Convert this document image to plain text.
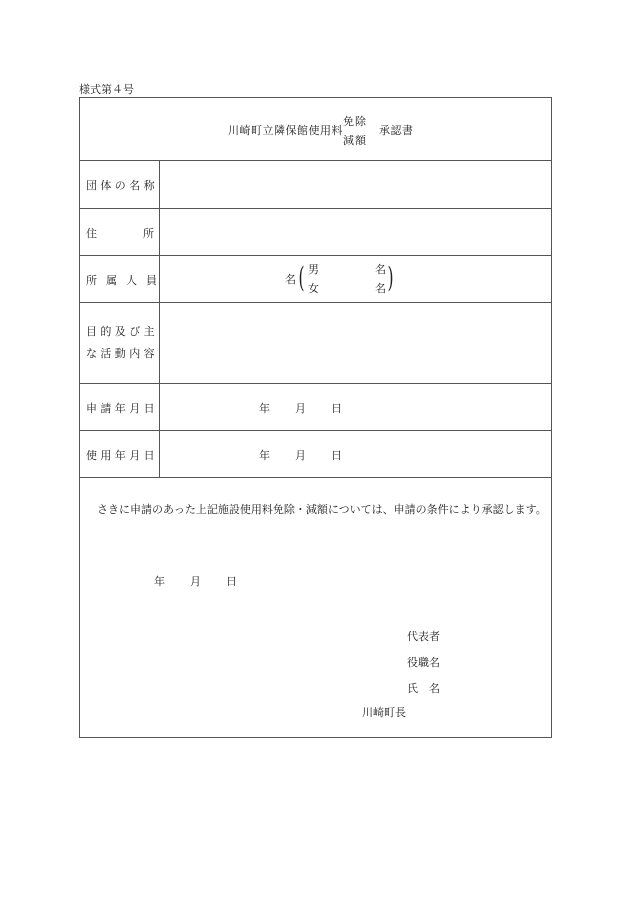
様式第４号
川崎町立隣保館使用料
免除
減額
承認書
団体の名称
住	所
所属人員
目的及び主
な活動内容
申請年月日
使用年月日
名 ( 男
女
名
名 )
年 月 日
年 月 日
さきに申請のあった上記施設使用料免除・減額については、申請の条件により承認します。
年 月 日
代表者
役職名
氏　名
川崎町長
